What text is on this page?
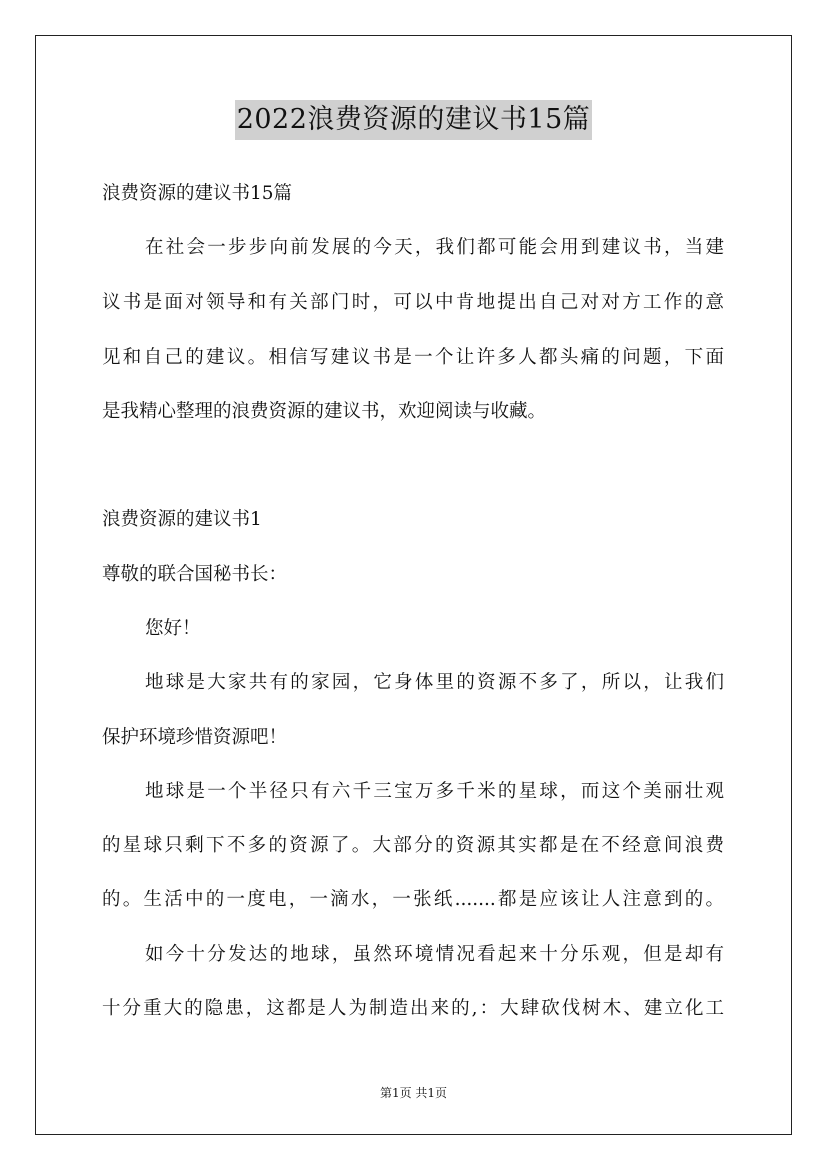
2022浪费资源的建议书15篇
浪费资源的建议书15篇
在社会一步步向前发展的今天，我们都可能会用到建议书，当建
议书是面对领导和有关部门时，可以中肯地提出自己对对方工作的意
见和自己的建议。相信写建议书是一个让许多人都头痛的问题，下面
是我精心整理的浪费资源的建议书，欢迎阅读与收藏。
浪费资源的建议书1
尊敬的联合国秘书长：
您好！
地球是大家共有的家园，它身体里的资源不多了，所以，让我们
保护环境珍惜资源吧！
地球是一个半径只有六千三宝万多千米的星球，而这个美丽壮观
的星球只剩下不多的资源了。大部分的资源其实都是在不经意间浪费
的。生活中的一度电，一滴水，一张纸.......都是应该让人注意到的。
如今十分发达的地球，虽然环境情况看起来十分乐观，但是却有
十分重大的隐患，这都是人为制造出来的,：大肆砍伐树木、建立化工
第1页 共1页
